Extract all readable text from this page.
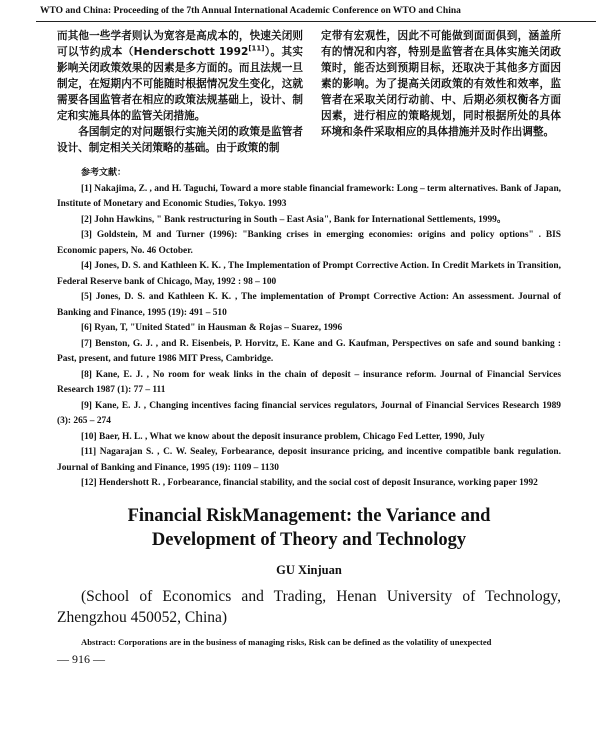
WTO and China: Proceeding of the 7th Annual International Academic Conference on WTO and China

而其他一些学者则认为宽容是高成本的，快速关闭则可以节约成本（Henderschott 1992[11]）。其实影响关闭政策效果的因素是多方面的。而且法规一旦制定，在短期内不可能随时根据情况发生变化，这就需要各国监管者在相应的政策法规基础上，设计、制定和实施具体的监管关闭措施。

各国制定的对问题银行实施关闭的政策是监管者设计、制定相关关闭策略的基础。由于政策的制

定带有宏观性，因此不可能做到面面俱到，涵盖所有的情况和内容，特别是监管者在具体实施关闭政策时，能否达到预期目标，还取决于其他多方面因素的影响。为了提高关闭政策的有效性和效率，监管者在采取关闭行动前、中、后期必须权衡各方面因素，进行相应的策略规划，同时根据所处的具体环境和条件采取相应的具体措施并及时作出调整。

参考文献：
[1] Nakajima, Z. , and H. Taguchi, Toward a more stable financial framework: Long – term alternatives. Bank of Japan, Institute of Monetary and Economic Studies, Tokyo. 1993
[2] John Hawkins, " Bank restructuring in South – East Asia", Bank for International Settlements, 1999。
[3] Goldstein, M and Turner (1996): "Banking crises in emerging economies: origins and policy options" . BIS Economic papers, No. 46 October.
[4] Jones, D. S. and Kathleen K. K. , The Implementation of Prompt Corrective Action. In Credit Markets in Transition, Federal Reserve bank of Chicago, May, 1992 : 98 – 100
[5] Jones, D. S. and Kathleen K. K. , The implementation of Prompt Corrective Action: An assessment. Journal of Banking and Finance, 1995 (19): 491 – 510
[6] Ryan, T, "United Stated" in Hausman & Rojas – Suarez, 1996
[7] Benston, G. J. , and R. Eisenbeis, P. Horvitz, E. Kane and G. Kaufman, Perspectives on safe and sound banking : Past, present, and future 1986 MIT Press, Cambridge.
[8] Kane, E. J. , No room for weak links in the chain of deposit – insurance reform. Journal of Financial Services Research 1987 (1): 77 – 111
[9] Kane, E. J. , Changing incentives facing financial services regulators, Journal of Financial Services Research 1989 (3): 265 – 274
[10] Baer, H. L. , What we know about the deposit insurance problem, Chicago Fed Letter, 1990, July
[11] Nagarajan S. , C. W. Sealey, Forbearance, deposit insurance pricing, and incentive compatible bank regulation. Journal of Banking and Finance, 1995 (19): 1109 – 1130
[12] Hendershott R. , Forbearance, financial stability, and the social cost of deposit Insurance, working paper 1992
Financial RiskManagement: the Variance and
Development of Theory and Technology
GU Xinjuan
(School of Economics and Trading, Henan University of Technology, Zhengzhou 450052, China)
Abstract: Corporations are in the business of managing risks, Risk can be defined as the volatility of unexpected
— 916 —
